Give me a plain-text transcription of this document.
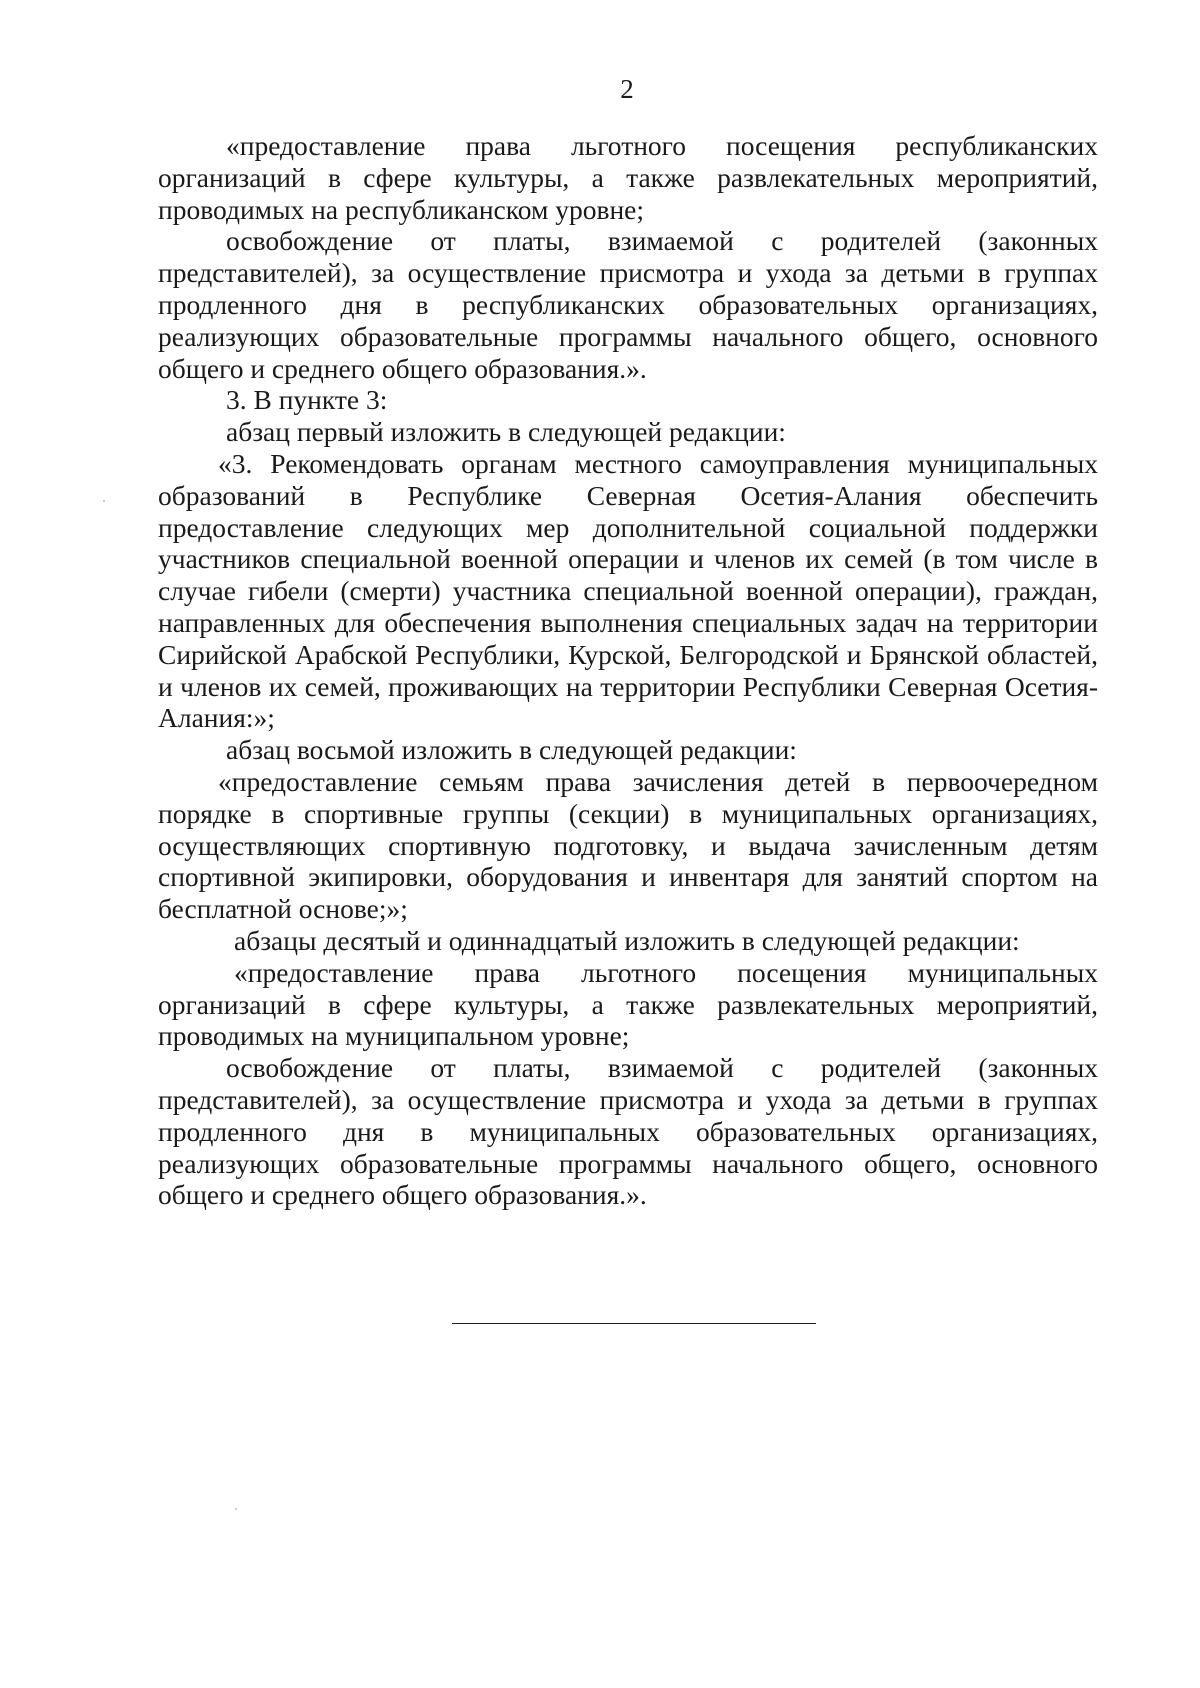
2

«предоставление права льготного посещения республиканских организаций в сфере культуры, а также развлекательных мероприятий, проводимых на республиканском уровне;

освобождение от платы, взимаемой с родителей (законных представителей), за осуществление присмотра и ухода за детьми в группах продленного дня в республиканских образовательных организациях, реализующих образовательные программы начального общего, основного общего и среднего общего образования.».

3. В пункте 3:

абзац первый изложить в следующей редакции:

«3. Рекомендовать органам местного самоуправления муниципальных образований в Республике Северная Осетия-Алания обеспечить предоставление следующих мер дополнительной социальной поддержки участников специальной военной операции и членов их семей (в том числе в случае гибели (смерти) участника специальной военной операции), граждан, направленных для обеспечения выполнения специальных задач на территории Сирийской Арабской Республики, Курской, Белгородской и Брянской областей, и членов их семей, проживающих на территории Республики Северная Осетия-Алания:»;

абзац восьмой изложить в следующей редакции:

«предоставление семьям права зачисления детей в первоочередном порядке в спортивные группы (секции) в муниципальных организациях, осуществляющих спортивную подготовку, и выдача зачисленным детям спортивной экипировки, оборудования и инвентаря для занятий спортом на бесплатной основе;»;

абзацы десятый и одиннадцатый изложить в следующей редакции:

«предоставление права льготного посещения муниципальных организаций в сфере культуры, а также развлекательных мероприятий, проводимых на муниципальном уровне;

освобождение от платы, взимаемой с родителей (законных представителей), за осуществление присмотра и ухода за детьми в группах продленного дня в муниципальных образовательных организациях, реализующих образовательные программы начального общего, основного общего и среднего общего образования.».
